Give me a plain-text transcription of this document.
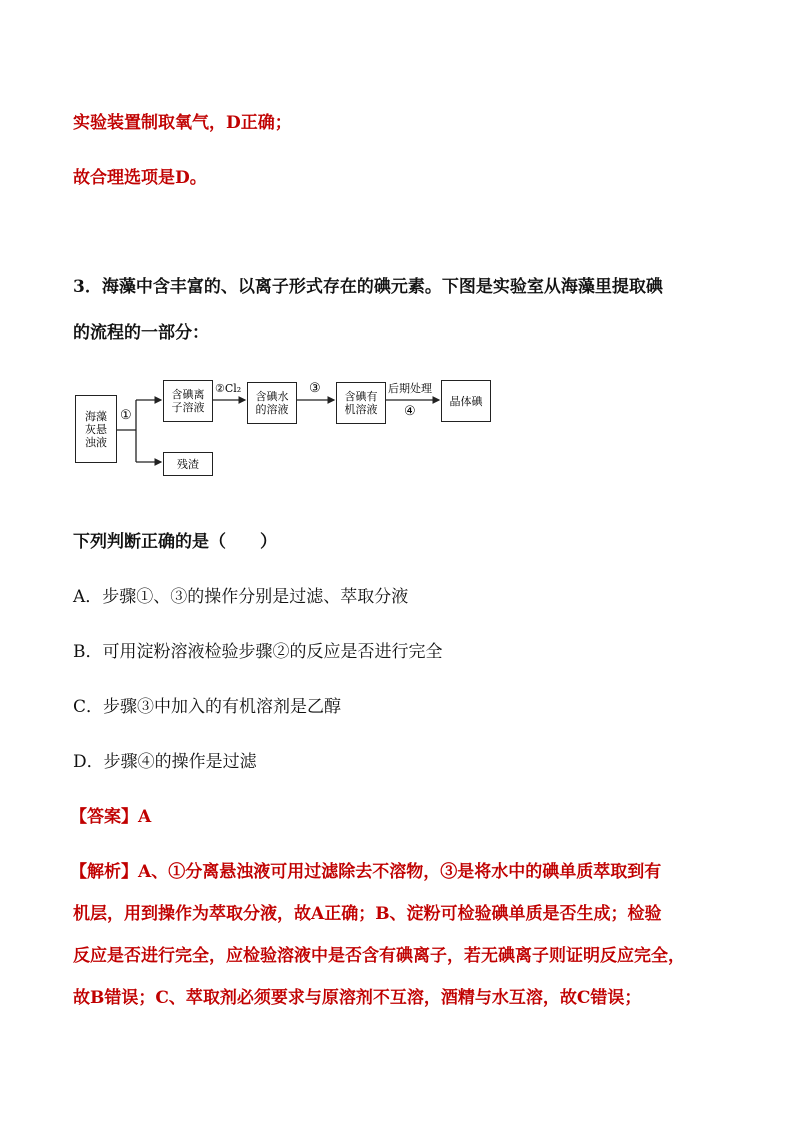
实验装置制取氧气，D正确；
故合理选项是D。
3．海藻中含丰富的、以离子形式存在的碘元素。下图是实验室从海藻里提取碘
的流程的一部分：
海藻
灰悬
浊液
含碘离
子溶液
含碘水
的溶液
含碘有
机溶液
晶体碘
残渣
①
②Cl₂	③	后期处理
④
下列判断正确的是（　　）
A．步骤①、③的操作分别是过滤、萃取分液
B．可用淀粉溶液检验步骤②的反应是否进行完全
C．步骤③中加入的有机溶剂是乙醇
D．步骤④的操作是过滤
【答案】A
【解析】A、①分离悬浊液可用过滤除去不溶物，③是将水中的碘单质萃取到有
机层，用到操作为萃取分液，故A正确；B、淀粉可检验碘单质是否生成；检验
反应是否进行完全，应检验溶液中是否含有碘离子，若无碘离子则证明反应完全，
故B错误；C、萃取剂必须要求与原溶剂不互溶，酒精与水互溶，故C错误；
